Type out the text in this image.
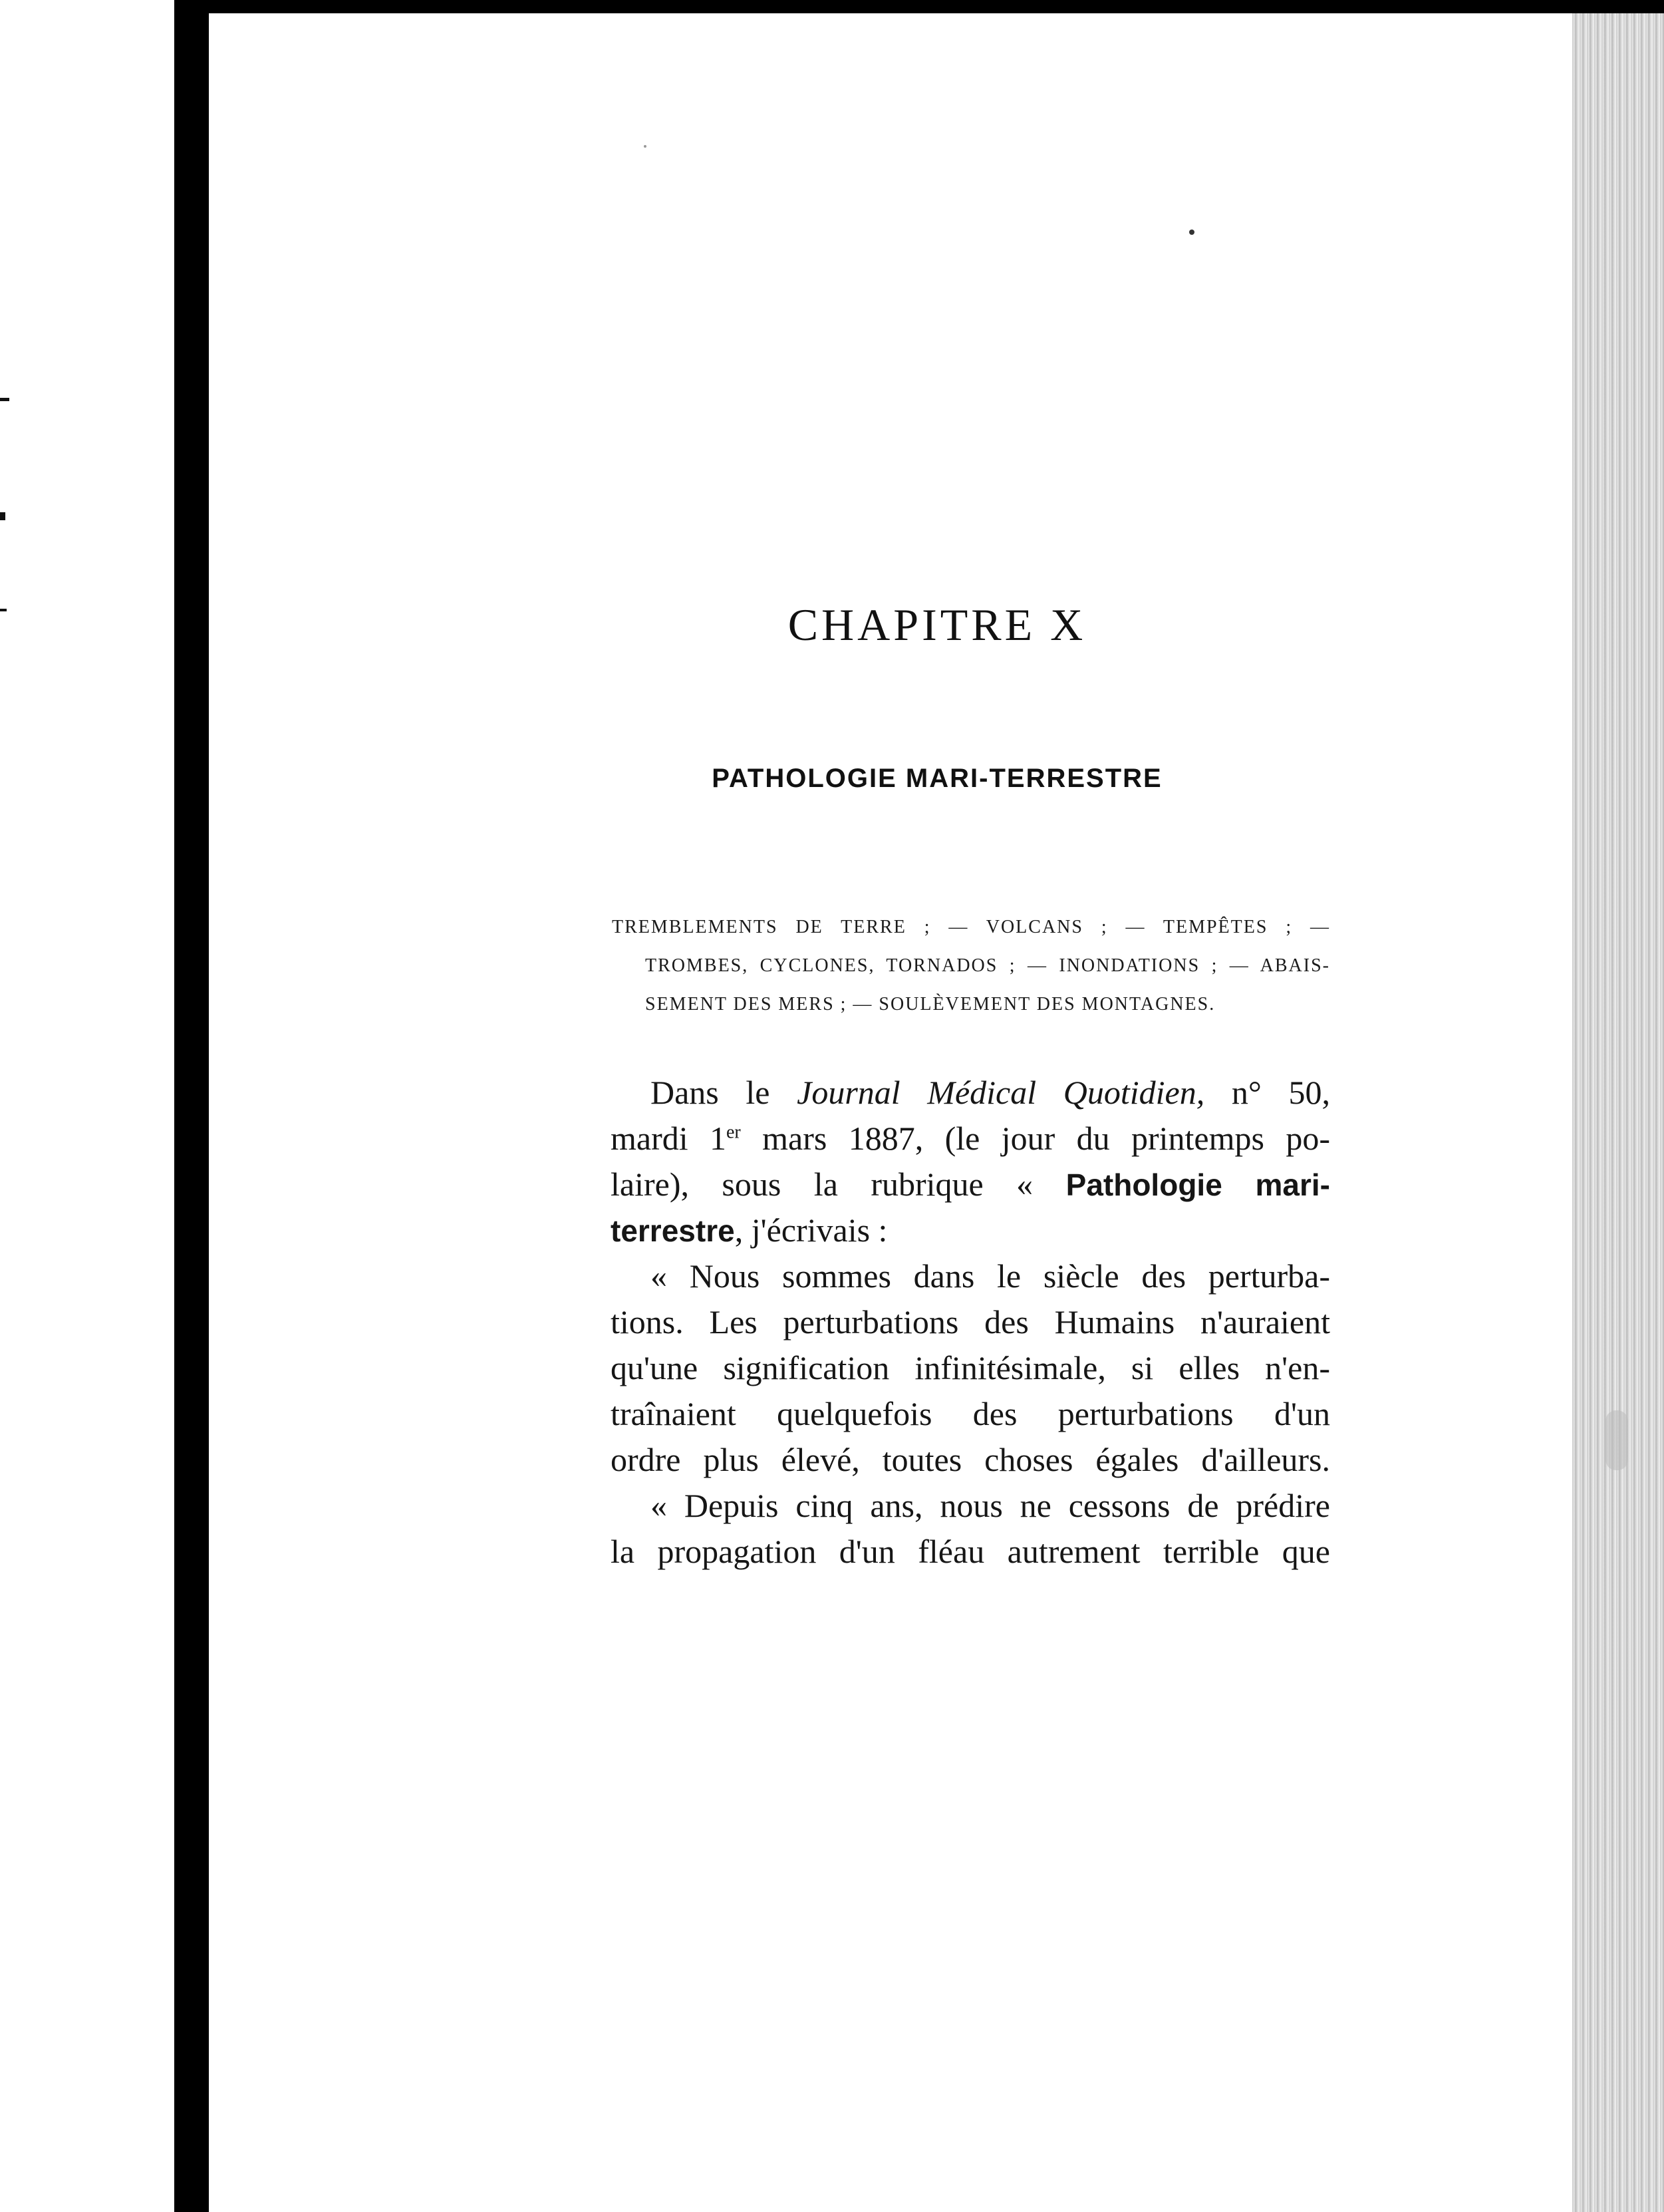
CHAPITRE X
PATHOLOGIE MARI-TERRESTRE
TREMBLEMENTS DE TERRE ; — VOLCANS ; — TEMPÊTES ; —
TROMBES, CYCLONES, TORNADOS ; — INONDATIONS ; — ABAIS-
SEMENT DES MERS ; — SOULÈVEMENT DES MONTAGNES.
Dans le Journal Médical Quotidien, n° 50,
mardi 1er mars 1887, (le jour du printemps po-
laire), sous la rubrique « Pathologie mari-
terrestre, j'écrivais :
« Nous sommes dans le siècle des perturba-
tions. Les perturbations des Humains n'auraient
qu'une signification infinitésimale, si elles n'en-
traînaient quelquefois des perturbations d'un
ordre plus élevé, toutes choses égales d'ailleurs.
« Depuis cinq ans, nous ne cessons de prédire
la propagation d'un fléau autrement terrible que
